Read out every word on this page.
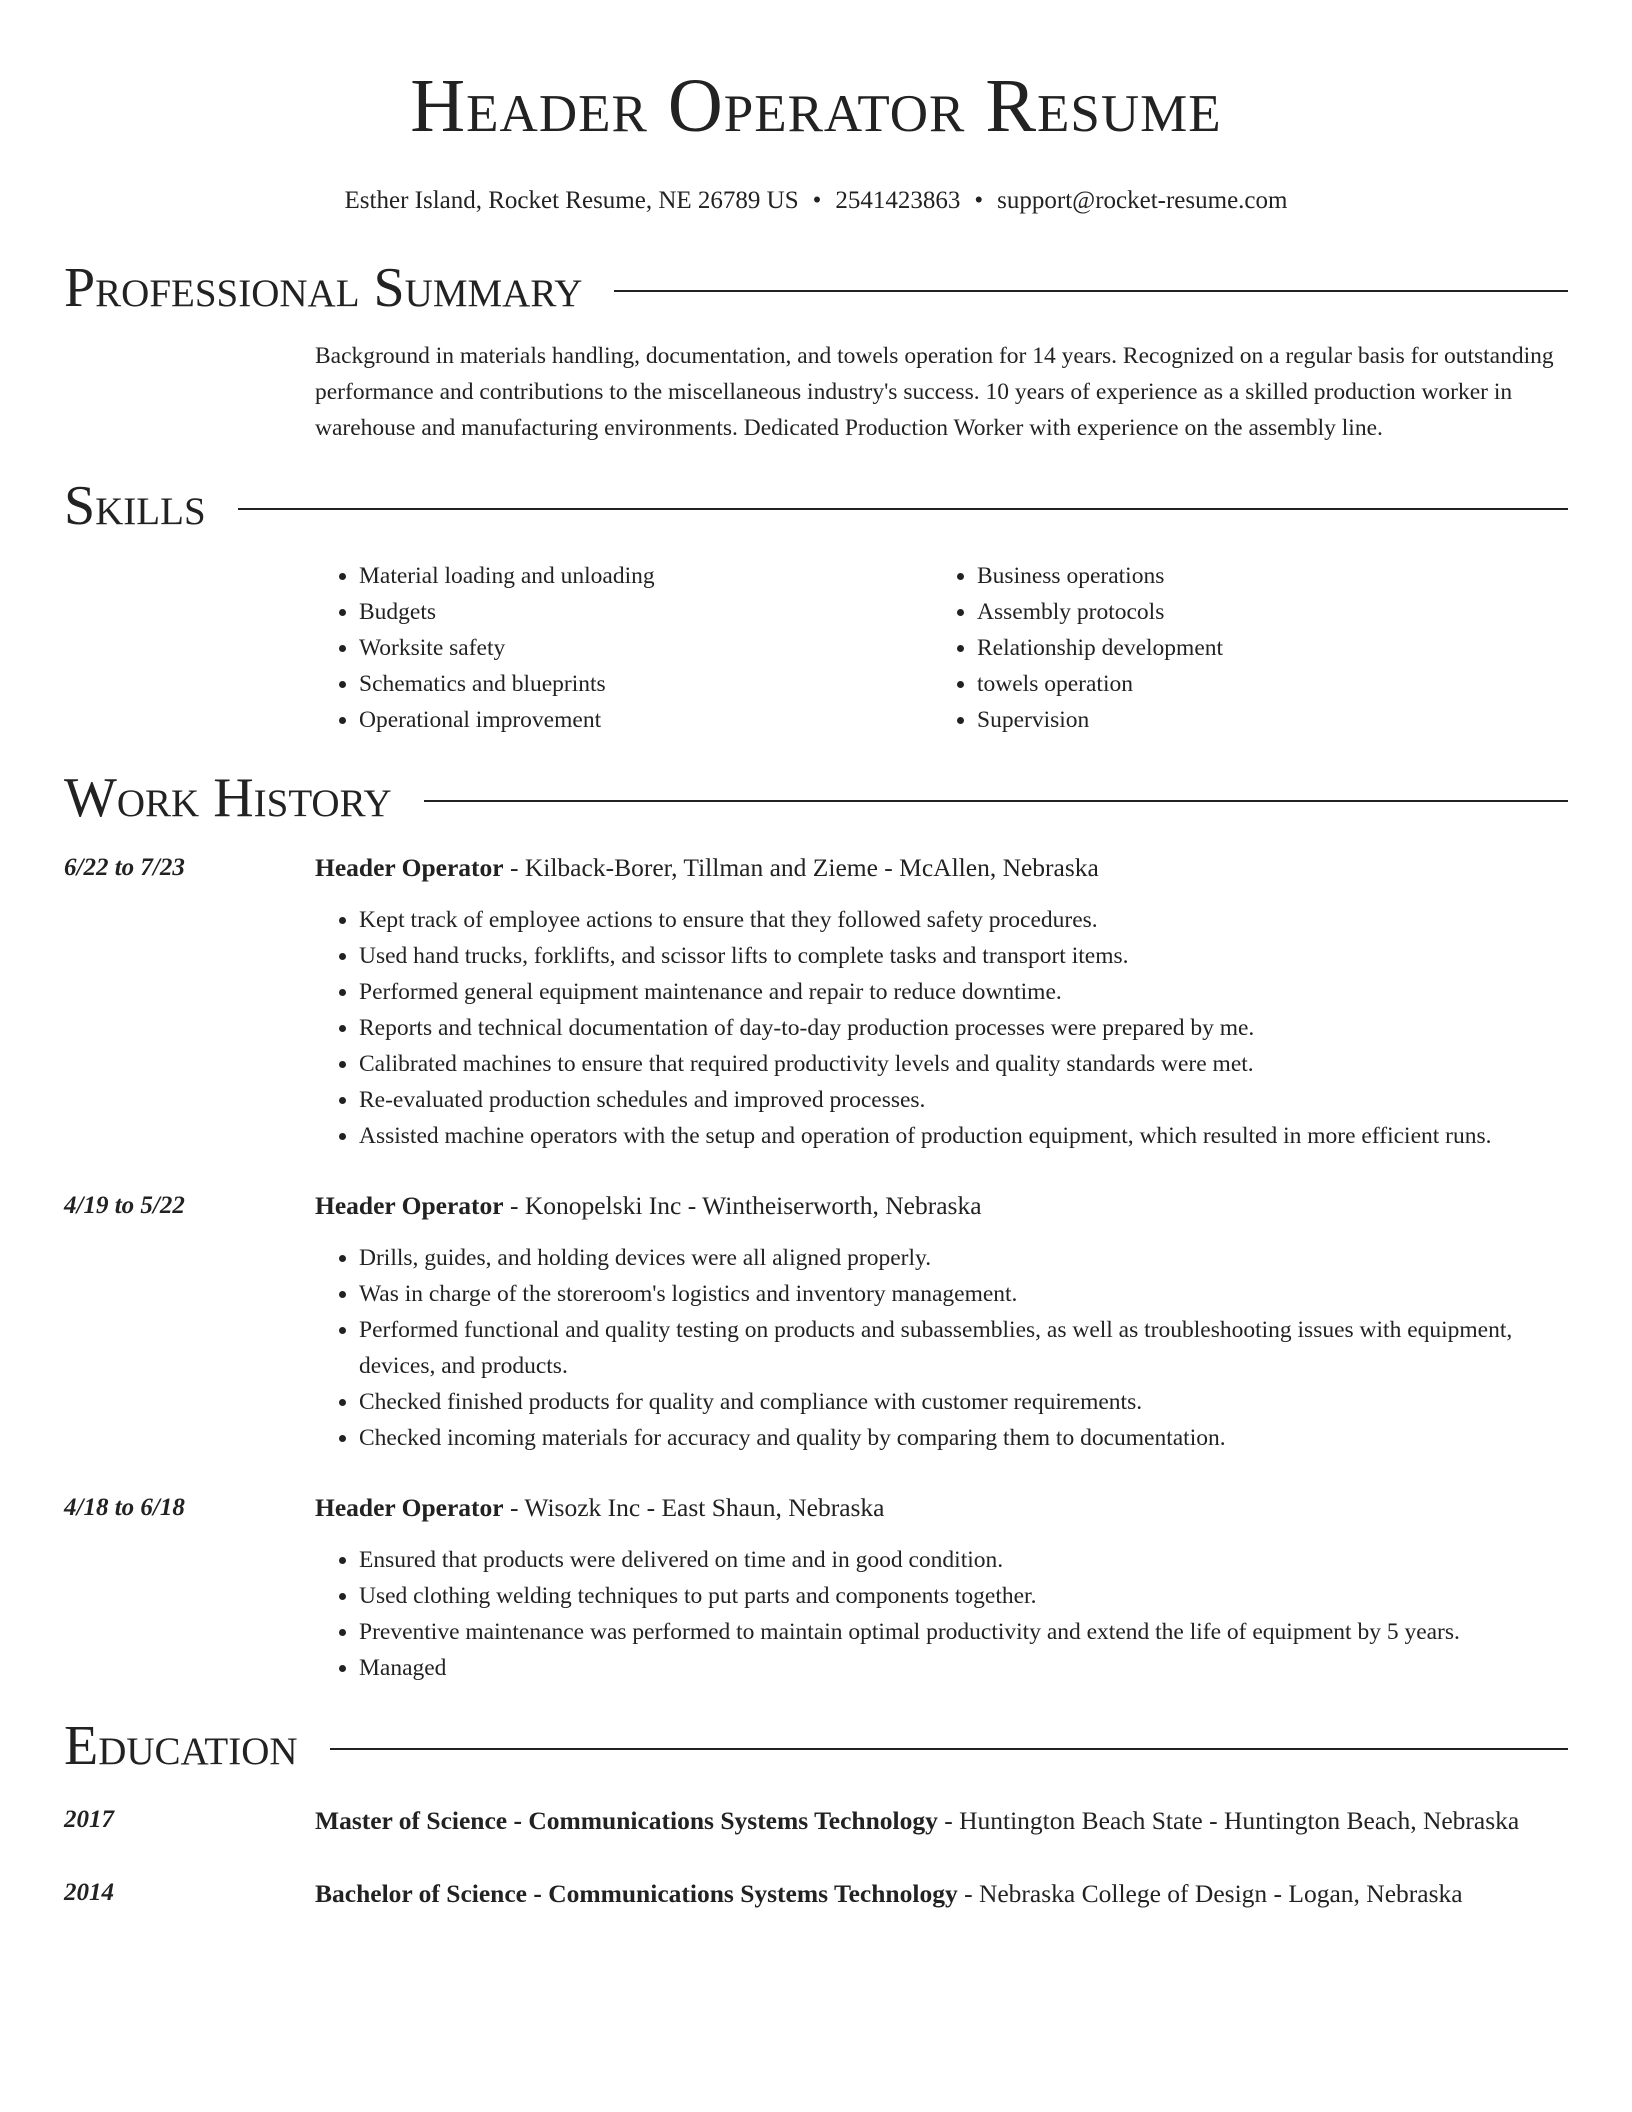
Header Operator Resume
Esther Island, Rocket Resume, NE 26789 US • 2541423863 • support@rocket-resume.com
Professional Summary
Background in materials handling, documentation, and towels operation for 14 years. Recognized on a regular basis for outstanding performance and contributions to the miscellaneous industry's success. 10 years of experience as a skilled production worker in warehouse and manufacturing environments. Dedicated Production Worker with experience on the assembly line.
Skills
• Material loading and unloading
• Budgets
• Worksite safety
• Schematics and blueprints
• Operational improvement
• Business operations
• Assembly protocols
• Relationship development
• towels operation
• Supervision
Work History
6/22 to 7/23	Header Operator - Kilback-Borer, Tillman and Zieme - McAllen, Nebraska
• Kept track of employee actions to ensure that they followed safety procedures.
• Used hand trucks, forklifts, and scissor lifts to complete tasks and transport items.
• Performed general equipment maintenance and repair to reduce downtime.
• Reports and technical documentation of day-to-day production processes were prepared by me.
• Calibrated machines to ensure that required productivity levels and quality standards were met.
• Re-evaluated production schedules and improved processes.
• Assisted machine operators with the setup and operation of production equipment, which resulted in more efficient runs.
4/19 to 5/22	Header Operator - Konopelski Inc - Wintheiserworth, Nebraska
• Drills, guides, and holding devices were all aligned properly.
• Was in charge of the storeroom's logistics and inventory management.
• Performed functional and quality testing on products and subassemblies, as well as troubleshooting issues with equipment, devices, and products.
• Checked finished products for quality and compliance with customer requirements.
• Checked incoming materials for accuracy and quality by comparing them to documentation.
4/18 to 6/18	Header Operator - Wisozk Inc - East Shaun, Nebraska
• Ensured that products were delivered on time and in good condition.
• Used clothing welding techniques to put parts and components together.
• Preventive maintenance was performed to maintain optimal productivity and extend the life of equipment by 5 years.
• Managed
Education
2017	Master of Science - Communications Systems Technology - Huntington Beach State - Huntington Beach, Nebraska
2014	Bachelor of Science - Communications Systems Technology - Nebraska College of Design - Logan, Nebraska
